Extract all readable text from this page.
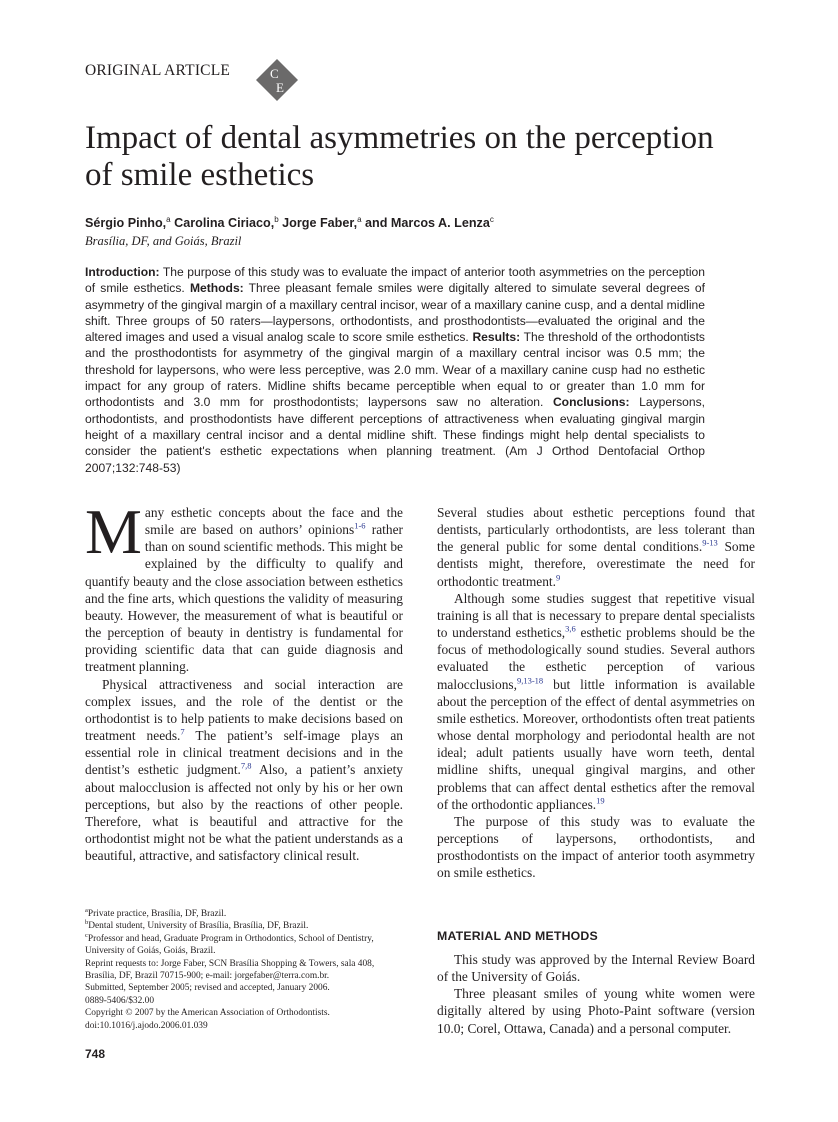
ORIGINAL ARTICLE	C
E
Impact of dental asymmetries on the perception of smile esthetics
Sérgio Pinho,$^a$ Carolina Ciriaco,$^b$ Jorge Faber,$^a$ and Marcos A. Lenza$^c$
Brasília, DF, and Goiás, Brazil
Introduction: The purpose of this study was to evaluate the impact of anterior tooth asymmetries on the perception of smile esthetics. Methods: Three pleasant female smiles were digitally altered to simulate several degrees of asymmetry of the gingival margin of a maxillary central incisor, wear of a maxillary canine cusp, and a dental midline shift. Three groups of 50 raters—laypersons, orthodontists, and prosthodontists—evaluated the original and the altered images and used a visual analog scale to score smile esthetics. Results: The threshold of the orthodontists and the prosthodontists for asymmetry of the gingival margin of a maxillary central incisor was 0.5 mm; the threshold for laypersons, who were less perceptive, was 2.0 mm. Wear of a maxillary canine cusp had no esthetic impact for any group of raters. Midline shifts became perceptible when equal to or greater than 1.0 mm for orthodontists and 3.0 mm for prosthodontists; laypersons saw no alteration. Conclusions: Laypersons, orthodontists, and prosthodontists have different perceptions of attractiveness when evaluating gingival margin height of a maxillary central incisor and a dental midline shift. These findings might help dental specialists to consider the patient's esthetic expectations when planning treatment. (Am J Orthod Dentofacial Orthop 2007;132:748-53)

Many esthetic concepts about the face and the smile are based on authors’ opinions$^{1-6}$ rather than on sound scientific methods. This might be explained by the difficulty to qualify and quantify beauty and the close association between esthetics and the fine arts, which questions the validity of measuring beauty. However, the measurement of what is beautiful or the perception of beauty in dentistry is fundamental for providing scientific data that can guide diagnosis and treatment planning.

Physical attractiveness and social interaction are complex issues, and the role of the dentist or the orthodontist is to help patients to make decisions based on treatment needs.$^7$ The patient’s self-image plays an essential role in clinical treatment decisions and in the dentist’s esthetic judgment.$^{7,8}$ Also, a patient’s anxiety about malocclusion is affected not only by his or her own perceptions, but also by the reactions of other people. Therefore, what is beautiful and attractive for the orthodontist might not be what the patient understands as a beautiful, attractive, and satisfactory clinical result.

Several studies about esthetic perceptions found that dentists, particularly orthodontists, are less tolerant than the general public for some dental conditions.$^{9-13}$ Some dentists might, therefore, overestimate the need for orthodontic treatment.$^9$

Although some studies suggest that repetitive visual training is all that is necessary to prepare dental specialists to understand esthetics,$^{3,6}$ esthetic problems should be the focus of methodologically sound studies. Several authors evaluated the esthetic perception of various malocclusions,$^{9,13-18}$ but little information is available about the perception of the effect of dental asymmetries on smile esthetics. Moreover, orthodontists often treat patients whose dental morphology and periodontal health are not ideal; adult patients usually have worn teeth, dental midline shifts, unequal gingival margins, and other problems that can affect dental esthetics after the removal of the orthodontic appliances.$^{19}$

The purpose of this study was to evaluate the perceptions of laypersons, orthodontists, and prosthodontists on the impact of anterior tooth asymmetry on smile esthetics.

MATERIAL AND METHODS

This study was approved by the Internal Review Board of the University of Goiás.

Three pleasant smiles of young white women were digitally altered by using Photo-Paint software (version 10.0; Corel, Ottawa, Canada) and a personal computer.

$^a$Private practice, Brasília, DF, Brazil.
$^b$Dental student, University of Brasília, Brasília, DF, Brazil.
$^c$Professor and head, Graduate Program in Orthodontics, School of Dentistry, University of Goiás, Goiás, Brazil.
Reprint requests to: Jorge Faber, SCN Brasília Shopping & Towers, sala 408, Brasília, DF, Brazil 70715-900; e-mail: jorgefaber@terra.com.br.
Submitted, September 2005; revised and accepted, January 2006.
0889-5406/$32.00
Copyright © 2007 by the American Association of Orthodontists.
doi:10.1016/j.ajodo.2006.01.039
748
